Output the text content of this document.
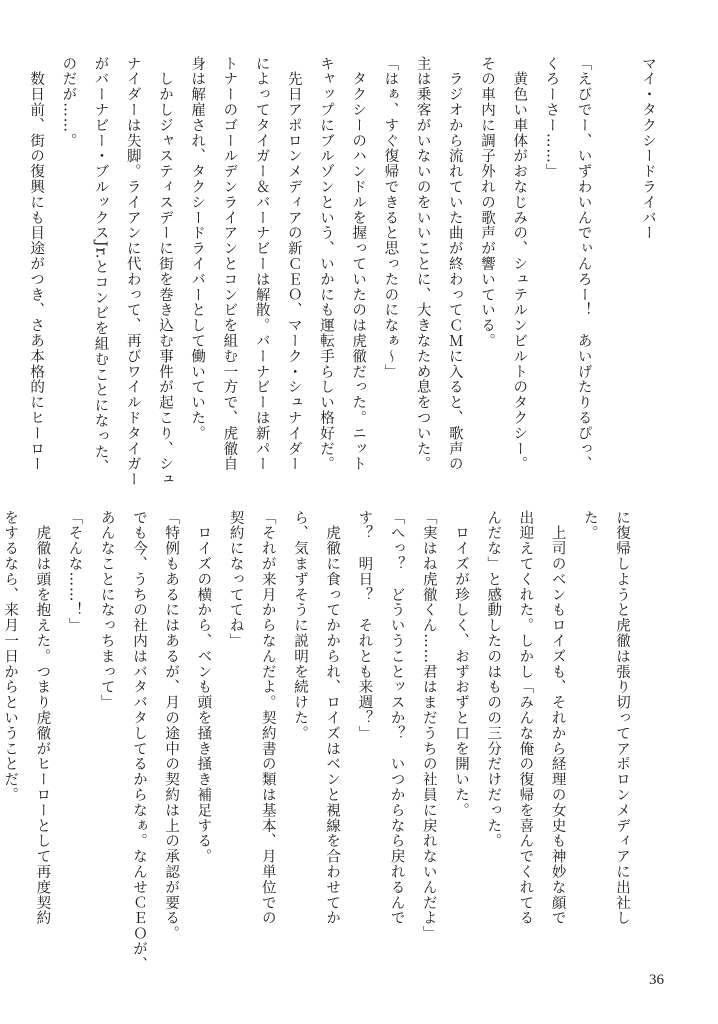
マイ・タクシードライバー

「えびでー、いずわいんでぃんろー！　あいげたりるぴっ、
くろーさー……」
　黄色い車体がおなじみの、シュテルンビルトのタクシー。
その車内に調子外れの歌声が響いている。
　ラジオから流れていた曲が終わってＣＭに入ると、歌声の
主は乗客がいないのをいいことに、大きなため息をついた。
「はぁ、すぐ復帰できると思ったのになぁ～」
　タクシーのハンドルを握っていたのは虎徹だった。ニット
キャップにブルゾンという、いかにも運転手らしい格好だ。
　先日アポロンメディアの新ＣＥＯ、マーク・シュナイダー
によってタイガー＆バーナビーは解散。バーナビーは新パー
トナーのゴールデンライアンとコンビを組む一方で、虎徹自
身は解雇され、タクシードライバーとして働いていた。
　しかしジャスティスデーに街を巻き込む事件が起こり、シュ
ナイダーは失脚。ライアンに代わって、再びワイルドタイガー
がバーナビー・ブルックスJr.とコンビを組むことになった、
のだが……。
　数日前、街の復興にも目途がつき、さあ本格的にヒーロー
に復帰しようと虎徹は張り切ってアポロンメディアに出社し
た。
　上司のベンもロイズも、それから経理の女史も神妙な顔で
出迎えてくれた。しかし「みんな俺の復帰を喜んでくれてる
んだな」と感動したのはものの三分だけだった。
　ロイズが珍しく、おずおずと口を開いた。
「実はね虎徹くん……君はまだうちの社員に戻れないんだよ」
「へっ？　どういうことッスか？　いつからなら戻れるんで
す？　明日？　それとも来週？」
　虎徹に食ってかかられ、ロイズはベンと視線を合わせてか
ら、気まずそうに説明を続けた。
「それが来月からなんだよ。契約書の類は基本、月単位での
契約になっててね」
　ロイズの横から、ベンも頭を掻き掻き補足する。
「特例もあるにはあるが、月の途中の契約は上の承認が要る。
でも今、うちの社内はバタバタしてるからなぁ。なんせＣＥＯが、
あんなことになっちまって」
「そんな……！」
　虎徹は頭を抱えた。つまり虎徹がヒーローとして再度契約
をするなら、来月一日からということだ。
36
